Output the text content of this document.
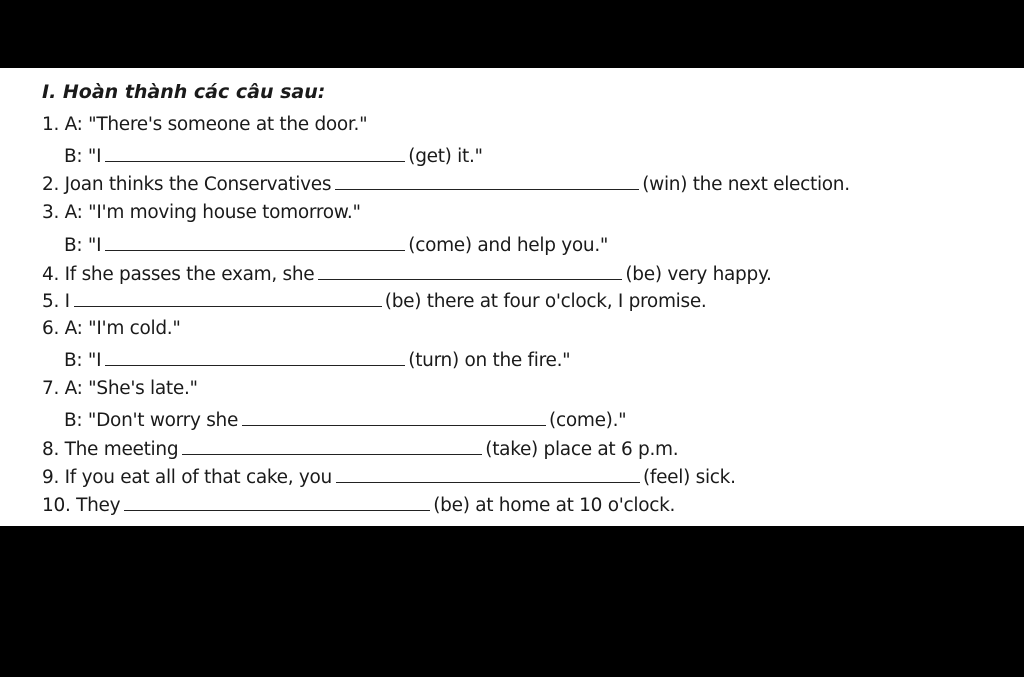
I. Hoàn thành các câu sau:
1. A: "There's someone at the door."
B: "I	(get) it."
2. Joan thinks the Conservatives	(win) the next election.
3. A: "I'm moving house tomorrow."
B: "I	(come) and help you."
4. If she passes the exam, she	(be) very happy.
5. I	(be) there at four o'clock, I promise.
6. A: "I'm cold."
B: "I	(turn) on the fire."
7. A: "She's late."
B: "Don't worry she	(come)."
8. The meeting	(take) place at 6 p.m.
9. If you eat all of that cake, you	(feel) sick.
10. They	(be) at home at 10 o'clock.
